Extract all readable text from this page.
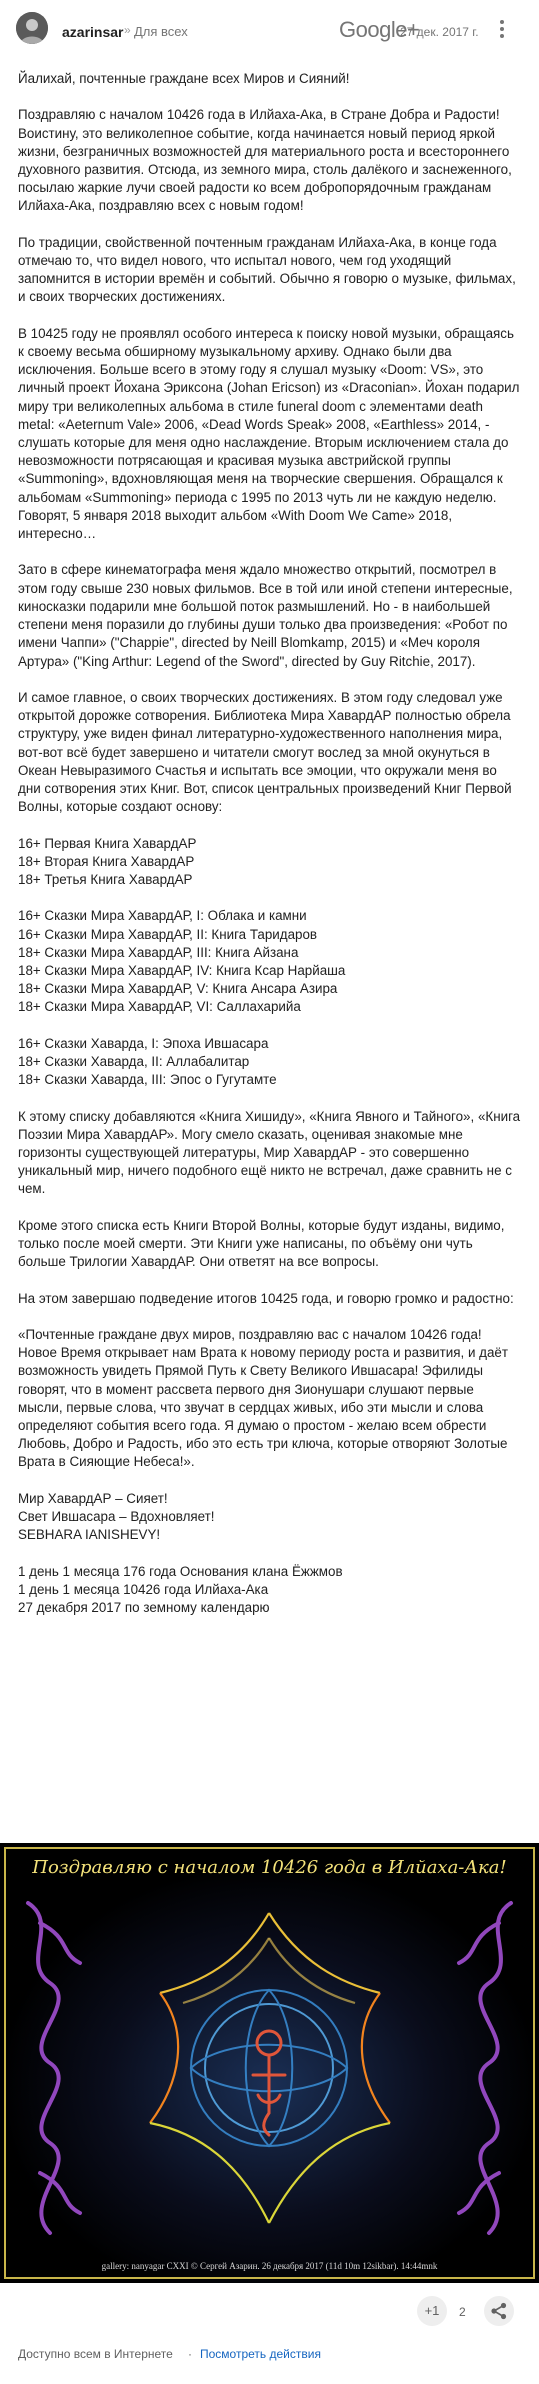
azarinsar » Для всех	Google+
27 дек. 2017 г.
Йалихай, почтенные граждане всех Миров и Сияний!

Поздравляю с началом 10426 года в Илйаха-Ака, в Стране Добра и Радости! Воистину, это великолепное событие, когда начинается новый период яркой жизни, безграничных возможностей для материального роста и всестороннего духовного развития. Отсюда, из земного мира, столь далёкого и заснеженного, посылаю жаркие лучи своей радости ко всем добропорядочным гражданам Илйаха-Ака, поздравляю всех с новым годом!

По традиции, свойственной почтенным гражданам Илйаха-Ака, в конце года отмечаю то, что видел нового, что испытал нового, чем год уходящий запомнится в истории времён и событий. Обычно я говорю о музыке, фильмах, и своих творческих достижениях.

В 10425 году не проявлял особого интереса к поиску новой музыки, обращаясь к своему весьма обширному музыкальному архиву. Однако были два исключения. Больше всего в этому году я слушал музыку «Doom: VS», это личный проект Йохана Эриксона (Johan Ericson) из «Draconian». Йохан подарил миру три великолепных альбома в стиле funeral doom с элементами death metal: «Aeternum Vale» 2006, «Dead Words Speak» 2008, «Earthless» 2014, - слушать которые для меня одно наслаждение. Вторым исключением стала до невозможности потрясающая и красивая музыка австрийской группы «Summoning», вдохновляющая меня на творческие свершения. Обращался к альбомам «Summoning» периода с 1995 по 2013 чуть ли не каждую неделю. Говорят, 5 января 2018 выходит альбом «With Doom We Came» 2018, интересно…

Зато в сфере кинематографа меня ждало множество открытий, посмотрел в этом году свыше 230 новых фильмов. Все в той или иной степени интересные, киносказки подарили мне большой поток размышлений. Но - в наибольшей степени меня поразили до глубины души только два произведения: «Робот по имени Чаппи» ("Chappie", directed by Neill Blomkamp, 2015) и «Меч короля Артура» ("King Arthur: Legend of the Sword", directed by Guy Ritchie, 2017).

И самое главное, о своих творческих достижениях. В этом году следовал уже открытой дорожке сотворения. Библиотека Мира ХавардАР полностью обрела структуру, уже виден финал литературно-художественного наполнения мира, вот-вот всё будет завершено и читатели смогут вослед за мной окунуться в Океан Невыразимого Счастья и испытать все эмоции, что окружали меня во дни сотворения этих Книг. Вот, список центральных произведений Книг Первой Волны, которые создают основу:

16+ Первая Книга ХавардАР
18+ Вторая Книга ХавардАР
18+ Третья Книга ХавардАР

16+ Сказки Мира ХавардАР, I: Облака и камни
16+ Сказки Мира ХавардАР, II: Книга Таридаров
18+ Сказки Мира ХавардАР, III: Книга Айзана
18+ Сказки Мира ХавардАР, IV: Книга Ксар Нарйаша
18+ Сказки Мира ХавардАР, V: Книга Ансара Азира
18+ Сказки Мира ХавардАР, VI: Саллахарийа

16+ Сказки Хаварда, I: Эпоха Ившасара
18+ Сказки Хаварда, II: Аллабалитар
18+ Сказки Хаварда, III: Эпос о Гугутамте

К этому списку добавляются «Книга Хишиду», «Книга Явного и Тайного», «Книга Поэзии Мира ХавардАР». Могу смело сказать, оценивая знакомые мне горизонты существующей литературы, Мир ХавардАР - это совершенно уникальный мир, ничего подобного ещё никто не встречал, даже сравнить не с чем.

Кроме этого списка есть Книги Второй Волны, которые будут изданы, видимо, только после моей смерти. Эти Книги уже написаны, по объёму они чуть больше Трилогии ХавардАР. Они ответят на все вопросы.

На этом завершаю подведение итогов 10425 года, и говорю громко и радостно:

«Почтенные граждане двух миров, поздравляю вас с началом 10426 года! Новое Время открывает нам Врата к новому периоду роста и развития, и даёт возможность увидеть Прямой Путь к Свету Великого Ившасара! Эфилиды говорят, что в момент рассвета первого дня Зионушари слушают первые мысли, первые слова, что звучат в сердцах живых, ибо эти мысли и слова определяют события всего года. Я думаю о простом - желаю всем обрести Любовь, Добро и Радость, ибо это есть три ключа, которые отворяют Золотые Врата в Сияющие Небеса!».

Мир ХавардАР – Сияет!
Свет Ившасара – Вдохновляет!
SEBHARA IANISHEVY!

1 день 1 месяца 176 года Основания клана Ёжжмов
1 день 1 месяца 10426 года Илйаха-Ака
27 декабря 2017 по земному календарю
Поздравляю с началом 10426 года в Илйаха-Ака!
gallery: nanyagar CXXI © Сергей Азарин. 26 декабря 2017 (11d 10m 12sikbar). 14:44mnk
+1	2
Доступно всем в Интернете · Посмотреть действия
